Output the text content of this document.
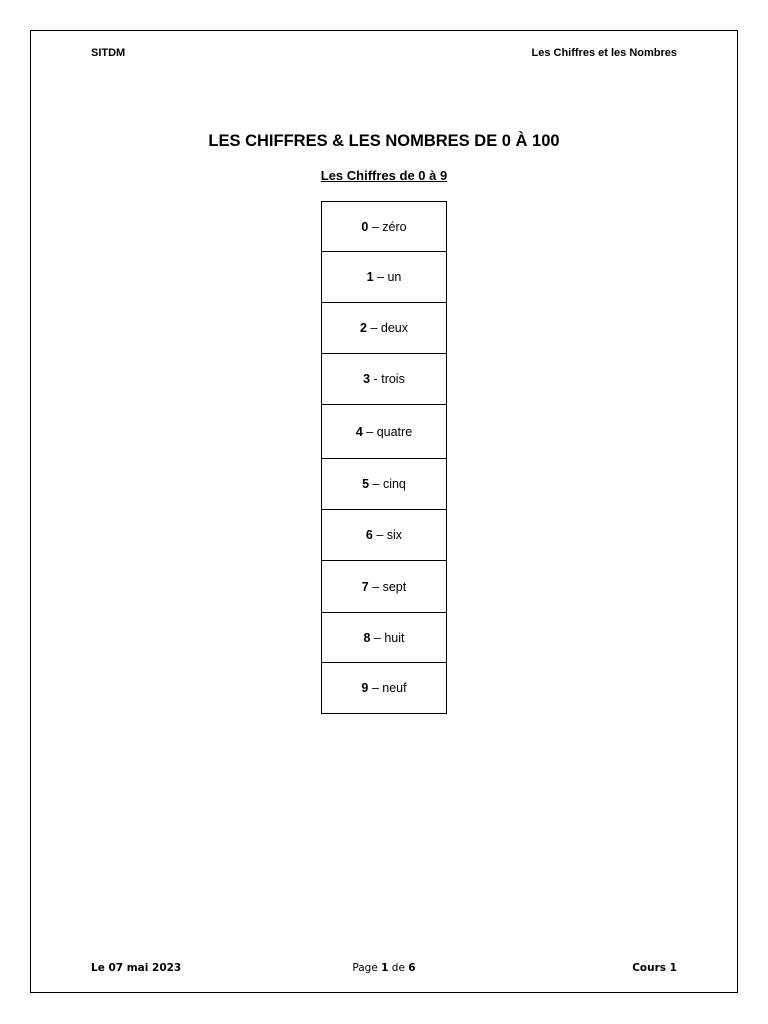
SITDM	Les Chiffres et les Nombres
LES CHIFFRES & LES NOMBRES DE 0 À 100
Les Chiffres de 0 à 9
0 – zéro
1 – un
2 – deux
3 - trois
4 – quatre
5 – cinq
6 – six
7 – sept
8 – huit
9 – neuf
Le 07 mai 2023	Page 1 de 6	Cours 1
